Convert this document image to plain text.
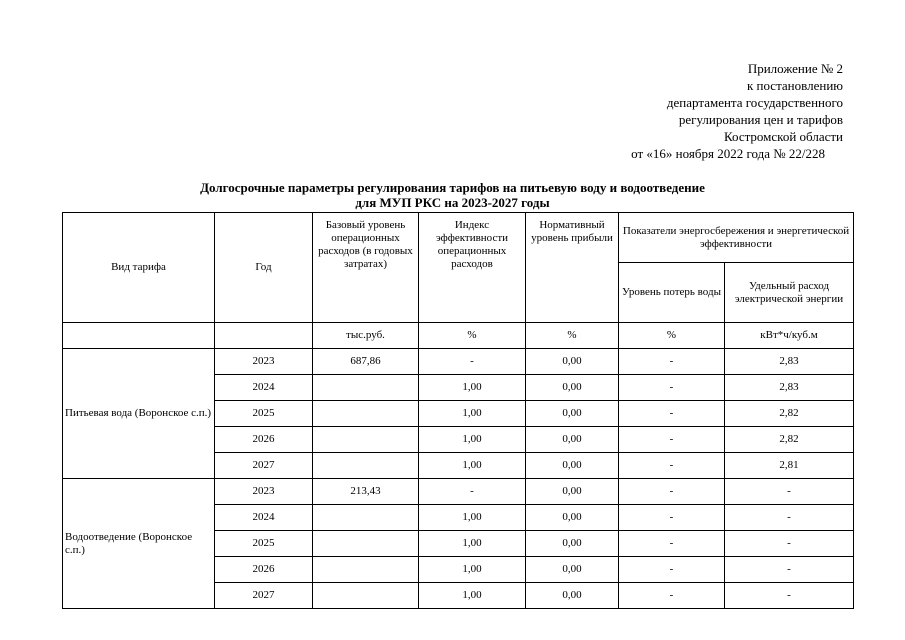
Приложение № 2
к постановлению
департамента государственного
регулирования цен и тарифов
Костромской области
от «16» ноября 2022 года № 22/228
Долгосрочные параметры регулирования тарифов на питьевую воду и водоотведение
для МУП РКС на 2023-2027 годы
Вид тарифа	Год	Базовый уровень операционных расходов (в годовых затратах)	Индекс эффективности операционных расходов	Нормативный уровень прибыли	Показатели энергосбережения и энергетической эффективности	
					Уровень потерь воды	Удельный расход электрической энергии
		тыс.руб.	%	%	%	кВт*ч/куб.м
Питьевая вода (Воронское с.п.)	2023	687,86	-	0,00	-	2,83
	2024		1,00	0,00	-	2,83
	2025		1,00	0,00	-	2,82
	2026		1,00	0,00	-	2,82
	2027		1,00	0,00	-	2,81
Водоотведение (Воронское с.п.)	2023	213,43	-	0,00	-	-
	2024		1,00	0,00	-	-
	2025		1,00	0,00	-	-
	2026		1,00	0,00	-	-
	2027		1,00	0,00	-	-
